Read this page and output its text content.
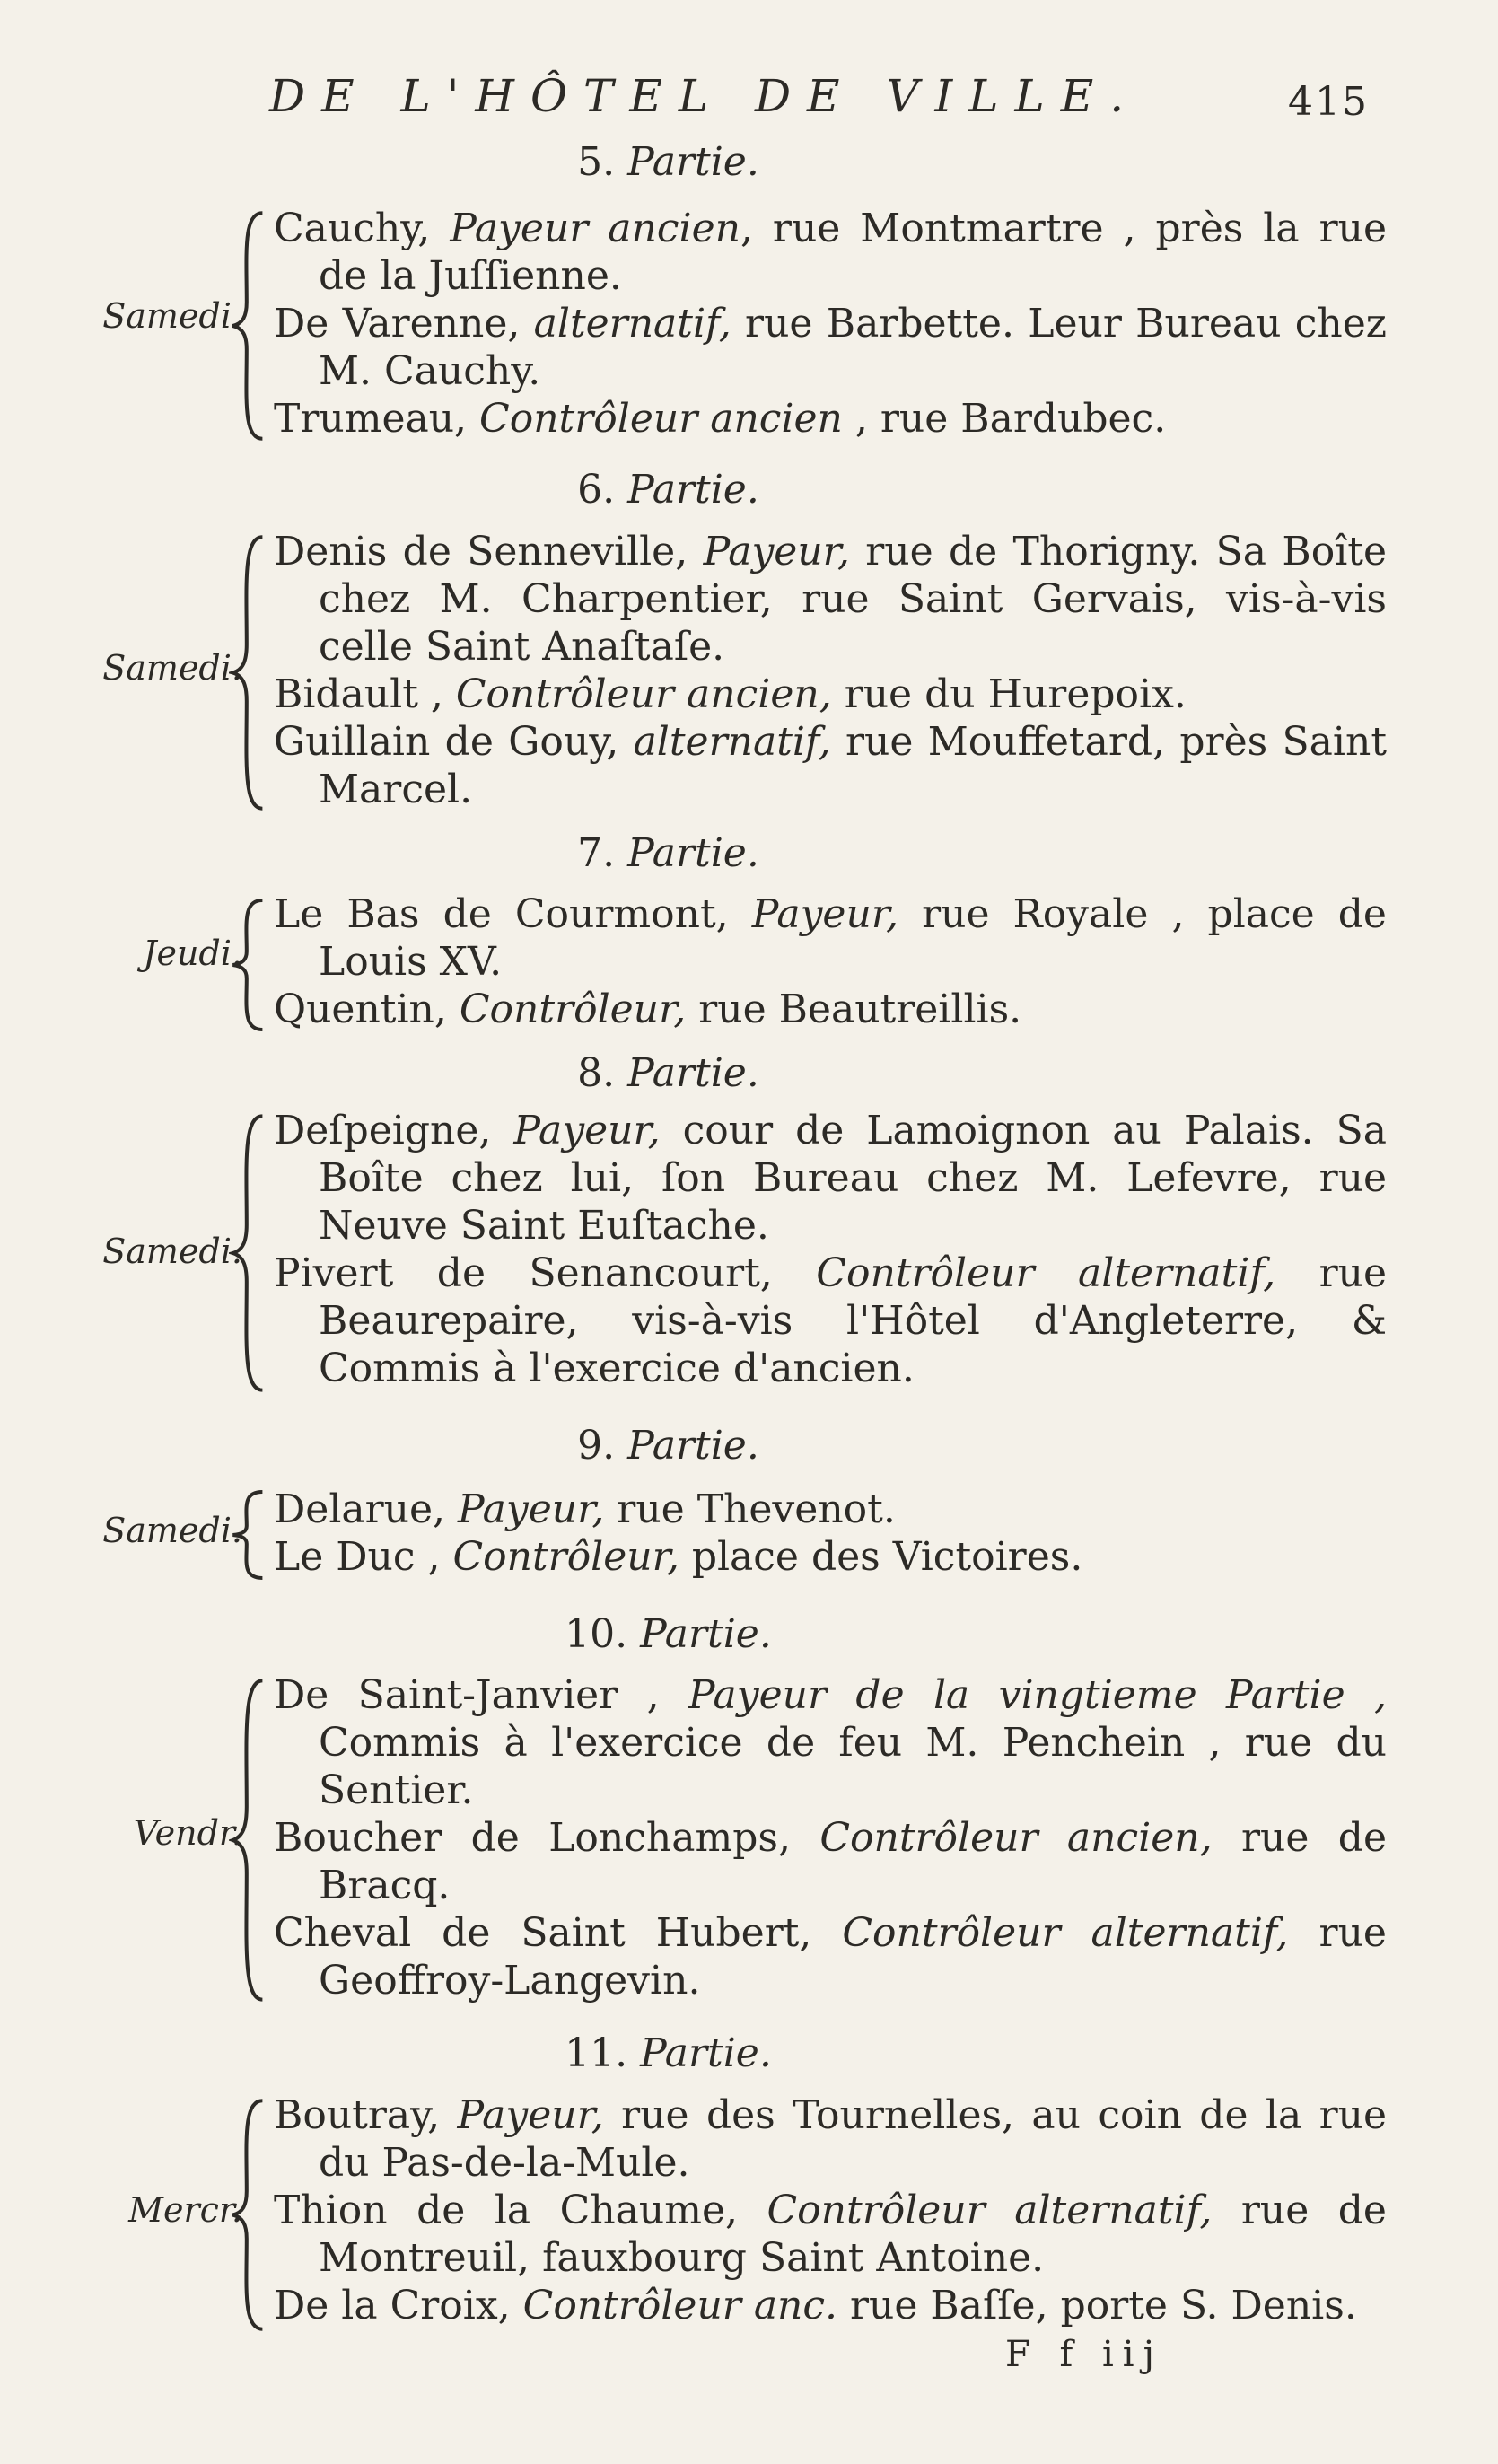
DE L'HÔTEL DE VILLE.	415
5. Partie.
Samedi.

Cauchy, Payeur ancien, rue Montmartre , près la rue de la Juſſienne.

De Varenne, alternatif, rue Barbette. Leur Bureau chez M. Cauchy.

Trumeau, Contrôleur ancien , rue Bardubec.

6. Partie.
Samedi.

Denis de Senneville, Payeur, rue de Thorigny. Sa Boîte chez M. Charpentier, rue Saint Gervais, vis-à-vis celle Saint Anaſtaſe.

Bidault , Contrôleur ancien, rue du Hurepoix.

Guillain de Gouy, alternatif, rue Mouffetard, près Saint Marcel.

7. Partie.
Jeudi.

Le Bas de Courmont, Payeur, rue Royale , place de Louis XV.

Quentin, Contrôleur, rue Beautreillis.

8. Partie.
Samedi.

Deſpeigne, Payeur, cour de Lamoignon au Palais. Sa Boîte chez lui, ſon Bureau chez M. Lefevre, rue Neuve Saint Euſtache.

Pivert de Senancourt, Contrôleur alternatif, rue Beaurepaire, vis-à-vis l'Hôtel d'Angleterre, & Commis à l'exercice d'ancien.

9. Partie.
Samedi. Delarue, Payeur, rue Thevenot.

Le Duc , Contrôleur, place des Victoires.

10. Partie.
Vendr.

De Saint-Janvier , Payeur de la vingtieme Partie , Commis à l'exercice de feu M. Penchein , rue du Sentier.

Boucher de Lonchamps, Contrôleur ancien, rue de Bracq.

Cheval de Saint Hubert, Contrôleur alternatif, rue Geoffroy-Langevin.

11. Partie.
Mercr.

Boutray, Payeur, rue des Tournelles, au coin de la rue du Pas-de-la-Mule.

Thion de la Chaume, Contrôleur alternatif, rue de Montreuil, fauxbourg Saint Antoine.

De la Croix, Contrôleur anc. rue Baſſe, porte S. Denis.

F f iij
